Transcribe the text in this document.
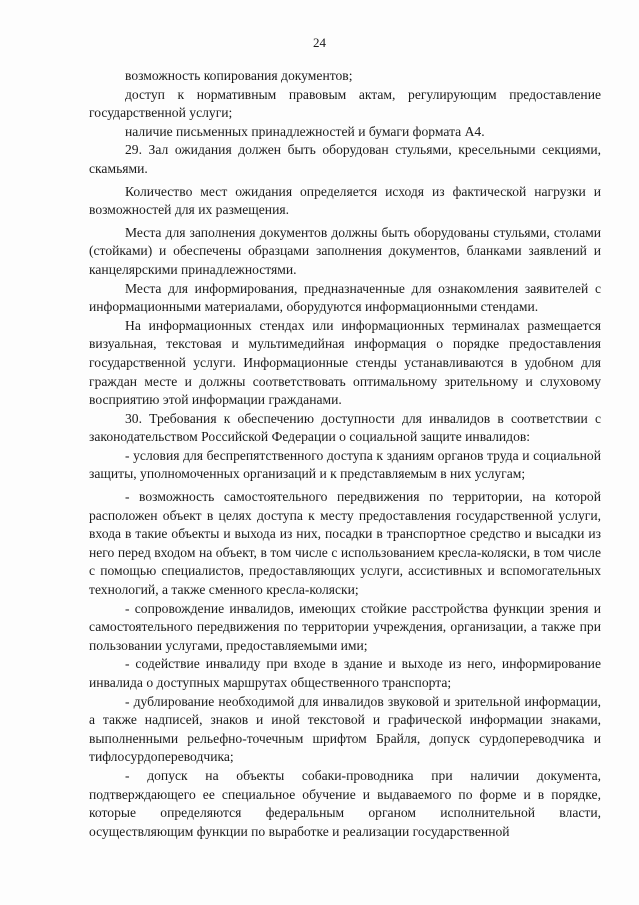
24

возможность копирования документов;

доступ к нормативным правовым актам, регулирующим предоставление государственной услуги;

наличие письменных принадлежностей и бумаги формата А4.

29. Зал ожидания должен быть оборудован стульями, кресельными секциями, скамьями.

Количество мест ожидания определяется исходя из фактической нагрузки и возможностей для их размещения.

Места для заполнения документов должны быть оборудованы стульями, столами (стойками) и обеспечены образцами заполнения документов, бланками заявлений и канцелярскими принадлежностями.

Места для информирования, предназначенные для ознакомления заявителей с информационными материалами, оборудуются информационными стендами.

На информационных стендах или информационных терминалах размещается визуальная, текстовая и мультимедийная информация о порядке предоставления государственной услуги. Информационные стенды устанавливаются в удобном для граждан месте и должны соответствовать оптимальному зрительному и слуховому восприятию этой информации гражданами.

30. Требования к обеспечению доступности для инвалидов в соответствии с законодательством Российской Федерации о социальной защите инвалидов:

- условия для беспрепятственного доступа к зданиям органов труда и социальной защиты, уполномоченных организаций и к представляемым в них услугам;

- возможность самостоятельного передвижения по территории, на которой расположен объект в целях доступа к месту предоставления государственной услуги, входа в такие объекты и выхода из них, посадки в транспортное средство и высадки из него перед входом на объект, в том числе с использованием кресла-коляски, в том числе с помощью специалистов, предоставляющих услуги, ассистивных и вспомогательных технологий, а также сменного кресла-коляски;

- сопровождение инвалидов, имеющих стойкие расстройства функции зрения и самостоятельного передвижения по территории учреждения, организации, а также при пользовании услугами, предоставляемыми ими;

- содействие инвалиду при входе в здание и выходе из него, информирование инвалида о доступных маршрутах общественного транспорта;

- дублирование необходимой для инвалидов звуковой и зрительной информации, а также надписей, знаков и иной текстовой и графической информации знаками, выполненными рельефно-точечным шрифтом Брайля, допуск сурдопереводчика и тифлосурдопереводчика;

- допуск на объекты собаки-проводника при наличии документа, подтверждающего ее специальное обучение и выдаваемого по форме и в порядке, которые определяются федеральным органом исполнительной власти, осуществляющим функции по выработке и реализации государственной
